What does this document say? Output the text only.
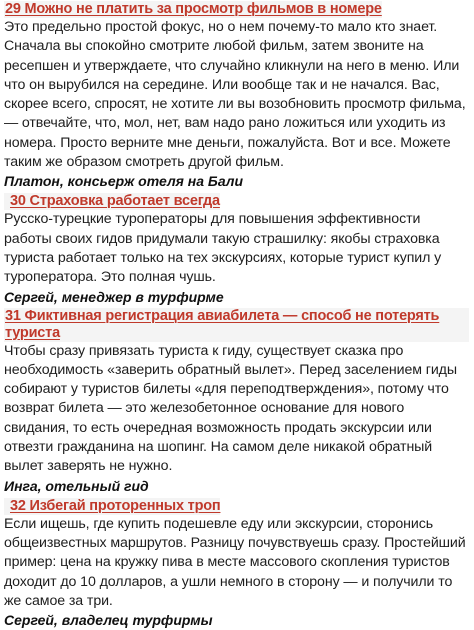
29 Можно не платить за просмотр фильмов в номере

Это предельно простой фокус, но о нем почему-то мало кто знает. Сначала вы спокойно смотрите любой фильм, затем звоните на ресепшен и утверждаете, что случайно кликнули на него в меню. Или что он вырубился на середине. Или вообще так и не начался. Вас, скорее всего, спросят, не хотите ли вы возобновить просмотр фильма, — отвечайте, что, мол, нет, вам надо рано ложиться или уходить из номера. Просто верните мне деньги, пожалуйста. Вот и все. Можете таким же образом смотреть другой фильм.

Платон, консьерж отеля на Бали

30 Страховка работает всегда

Русско-турецкие туроператоры для повышения эффективности работы своих гидов придумали такую страшилку: якобы страховка туриста работает только на тех экскурсиях, которые турист купил у туроператора. Это полная чушь.

Сергей, менеджер в турфирме

31 Фиктивная регистрация авиабилета — способ не потерять туриста

Чтобы сразу привязать туриста к гиду, существует сказка про необходимость «заверить обратный вылет». Перед заселением гиды собирают у туристов билеты «для переподтверждения», потому что возврат билета — это железобетонное основание для нового свидания, то есть очередная возможность продать экскурсии или отвезти гражданина на шопинг. На самом деле никакой обратный вылет заверять не нужно.

Инга, отельный гид

32 Избегай проторенных троп

Если ищешь, где купить подешевле еду или экскурсии, сторонись общеизвестных маршрутов. Разницу почувствуешь сразу. Простейший пример: цена на кружку пива в месте массового скопления туристов доходит до 10 долларов, а ушли немного в сторону — и получили то же самое за три.

Сергей, владелец турфирмы
